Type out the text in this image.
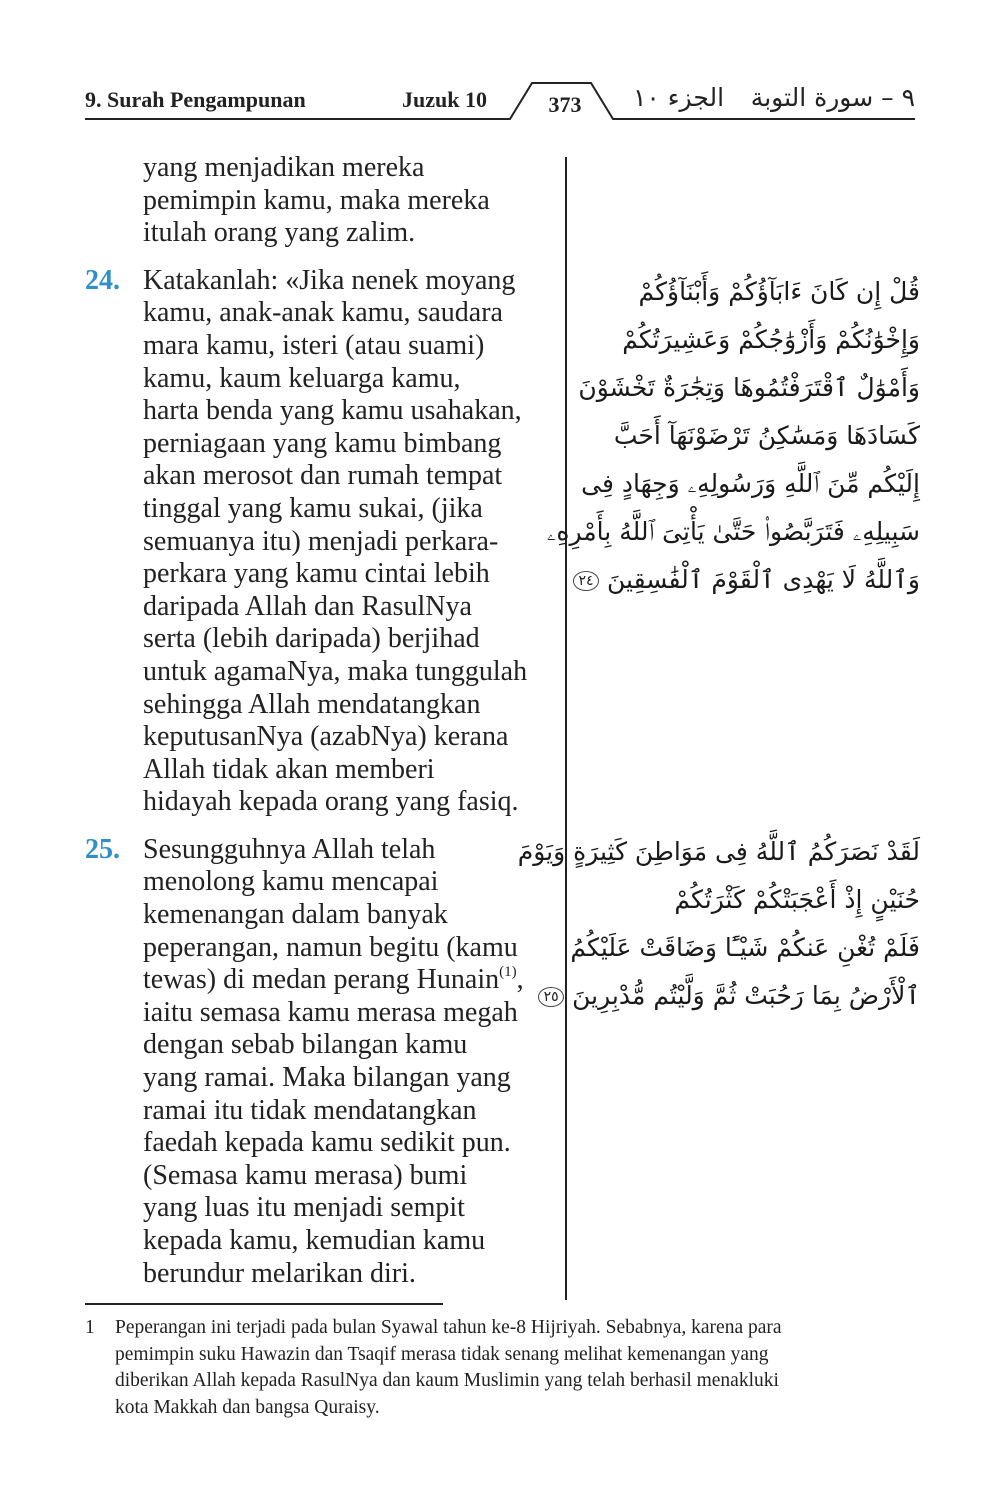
9. Surah Pengampunan	Juzuk 10	373	الجزء ١٠ ٩ – سورة التوبة
yang menjadikan mereka
pemimpin kamu, maka mereka
itulah orang yang zalim.
24. Katakanlah: «Jika nenek moyang
kamu, anak-anak kamu, saudara
mara kamu, isteri (atau suami)
kamu, kaum keluarga kamu,
harta benda yang kamu usahakan,
perniagaan yang kamu bimbang
akan merosot dan rumah tempat
tinggal yang kamu sukai, (jika
semuanya itu) menjadi perkara-
perkara yang kamu cintai lebih
daripada Allah dan RasulNya
serta (lebih daripada) berjihad
untuk agamaNya, maka tunggulah
sehingga Allah mendatangkan
keputusanNya (azabNya) kerana
Allah tidak akan memberi
hidayah kepada orang yang fasiq.
25. Sesungguhnya Allah telah
menolong kamu mencapai
kemenangan dalam banyak
peperangan, namun begitu (kamu
tewas) di medan perang Hunain$^{(1)}$,
iaitu semasa kamu merasa megah
dengan sebab bilangan kamu
yang ramai. Maka bilangan yang
ramai itu tidak mendatangkan
faedah kepada kamu sedikit pun.
(Semasa kamu merasa) bumi
yang luas itu menjadi sempit
kepada kamu, kemudian kamu
berundur melarikan diri.
قُلْ إِن كَانَ ءَابَآؤُكُمْ وَأَبْنَآؤُكُمْ
وَإِخْوَٰنُكُمْ وَأَزْوَٰجُكُمْ وَعَشِيرَتُكُمْ
وَأَمْوَٰلٌ ٱقْتَرَفْتُمُوهَا وَتِجَٰرَةٌ تَخْشَوْنَ
كَسَادَهَا وَمَسَٰكِنُ تَرْضَوْنَهَآ أَحَبَّ
إِلَيْكُم مِّنَ ٱللَّهِ وَرَسُولِهِۦ وَجِهَادٍ فِى
سَبِيلِهِۦ فَتَرَبَّصُوا۟ حَتَّىٰ يَأْتِىَ ٱللَّهُ بِأَمْرِهِۦ
وَٱللَّهُ لَا يَهْدِى ٱلْقَوْمَ ٱلْفَٰسِقِينَ ٢٤
لَقَدْ نَصَرَكُمُ ٱللَّهُ فِى مَوَاطِنَ كَثِيرَةٍ وَيَوْمَ
حُنَيْنٍ إِذْ أَعْجَبَتْكُمْ كَثْرَتُكُمْ
فَلَمْ تُغْنِ عَنكُمْ شَيْـًٔا وَضَاقَتْ عَلَيْكُمُ
ٱلْأَرْضُ بِمَا رَحُبَتْ ثُمَّ وَلَّيْتُم مُّدْبِرِينَ ٢٥
1 Peperangan ini terjadi pada bulan Syawal tahun ke-8 Hijriyah. Sebabnya, karena para
pemimpin suku Hawazin dan Tsaqif merasa tidak senang melihat kemenangan yang
diberikan Allah kepada RasulNya dan kaum Muslimin yang telah berhasil menakluki
kota Makkah dan bangsa Quraisy.
